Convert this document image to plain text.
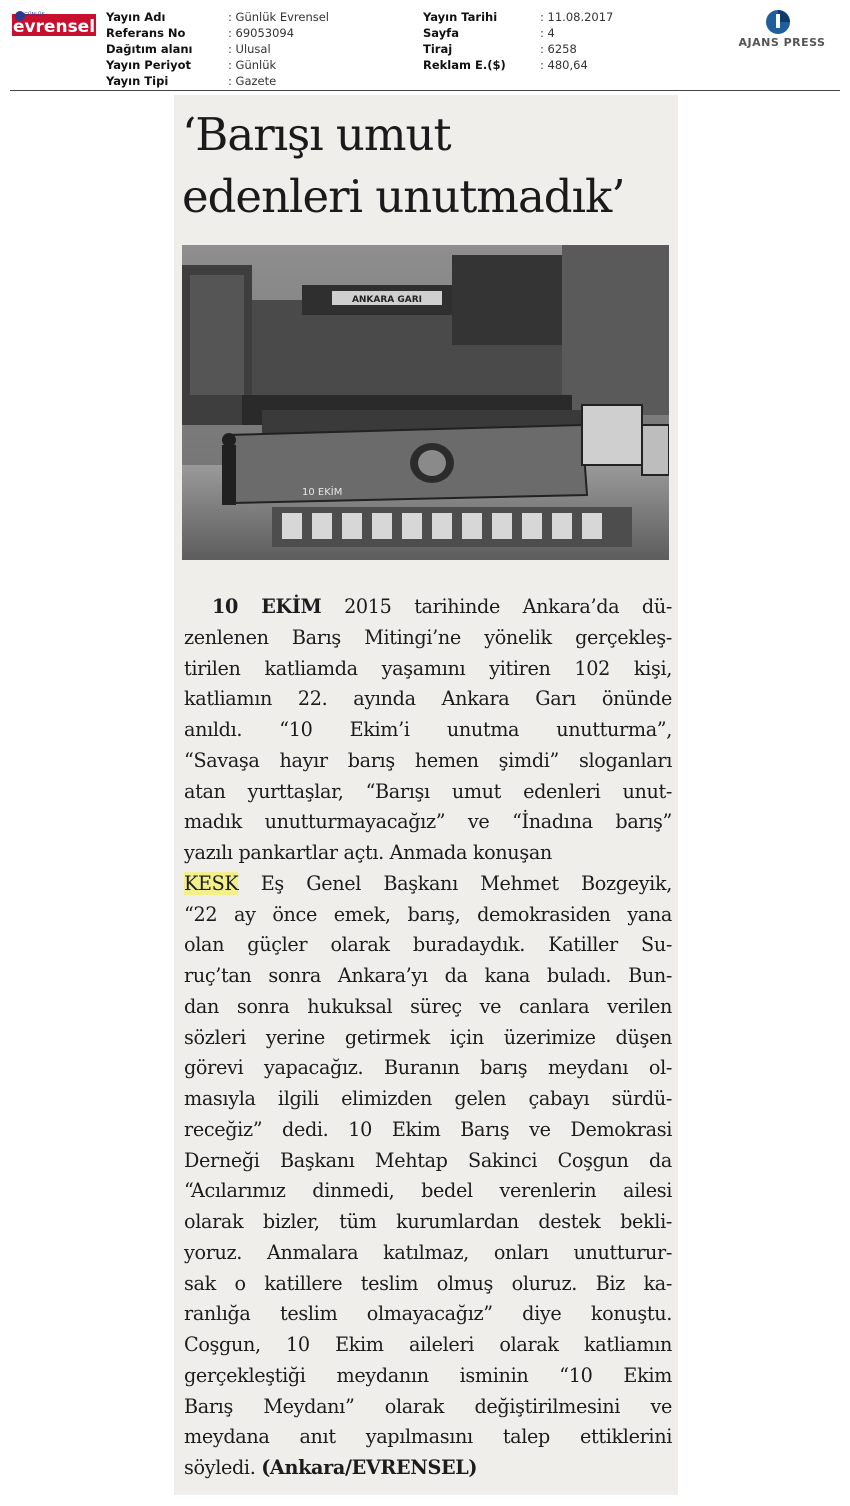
GÜNLÜK
evrensel Yayın Adı	: Günlük Evrensel
Referans No	: 69053094
Dağıtım alanı	: Ulusal
Yayın Periyot	: Günlük
Yayın Tipi	: Gazete
Yayın Tarihi	: 11.08.2017
Sayfa	: 4
Tiraj	: 6258
Reklam E.($)	: 480,64
AJANS PRESS
‘Barışı umut
edenleri unutmadık’
ANKARA GARI
10 EKİM
10 EKİM 2015 tarihinde Ankara’da dü-
zenlenen Barış Mitingi’ne yönelik gerçekleş-
tirilen katliamda yaşamını yitiren 102 kişi,
katliamın 22. ayında Ankara Garı önünde
anıldı. “10 Ekim’i unutma unutturma”,
“Savaşa hayır barış hemen şimdi” sloganları
atan yurttaşlar, “Barışı umut edenleri unut-
madık unutturmayacağız” ve “İnadına barış”
yazılı pankartlar açtı. Anmada konuşan
KESK Eş Genel Başkanı Mehmet Bozgeyik,
“22 ay önce emek, barış, demokrasiden yana
olan güçler olarak buradaydık. Katiller Su-
ruç’tan sonra Ankara’yı da kana buladı. Bun-
dan sonra hukuksal süreç ve canlara verilen
sözleri yerine getirmek için üzerimize düşen
görevi yapacağız. Buranın barış meydanı ol-
masıyla ilgili elimizden gelen çabayı sürdü-
receğiz” dedi. 10 Ekim Barış ve Demokrasi
Derneği Başkanı Mehtap Sakinci Coşgun da
“Acılarımız dinmedi, bedel verenlerin ailesi
olarak bizler, tüm kurumlardan destek bekli-
yoruz. Anmalara katılmaz, onları unutturur-
sak o katillere teslim olmuş oluruz. Biz ka-
ranlığa teslim olmayacağız” diye konuştu.
Coşgun, 10 Ekim aileleri olarak katliamın
gerçekleştiği meydanın isminin “10 Ekim
Barış Meydanı” olarak değiştirilmesini ve
meydana anıt yapılmasını talep ettiklerini
söyledi. (Ankara/EVRENSEL)
